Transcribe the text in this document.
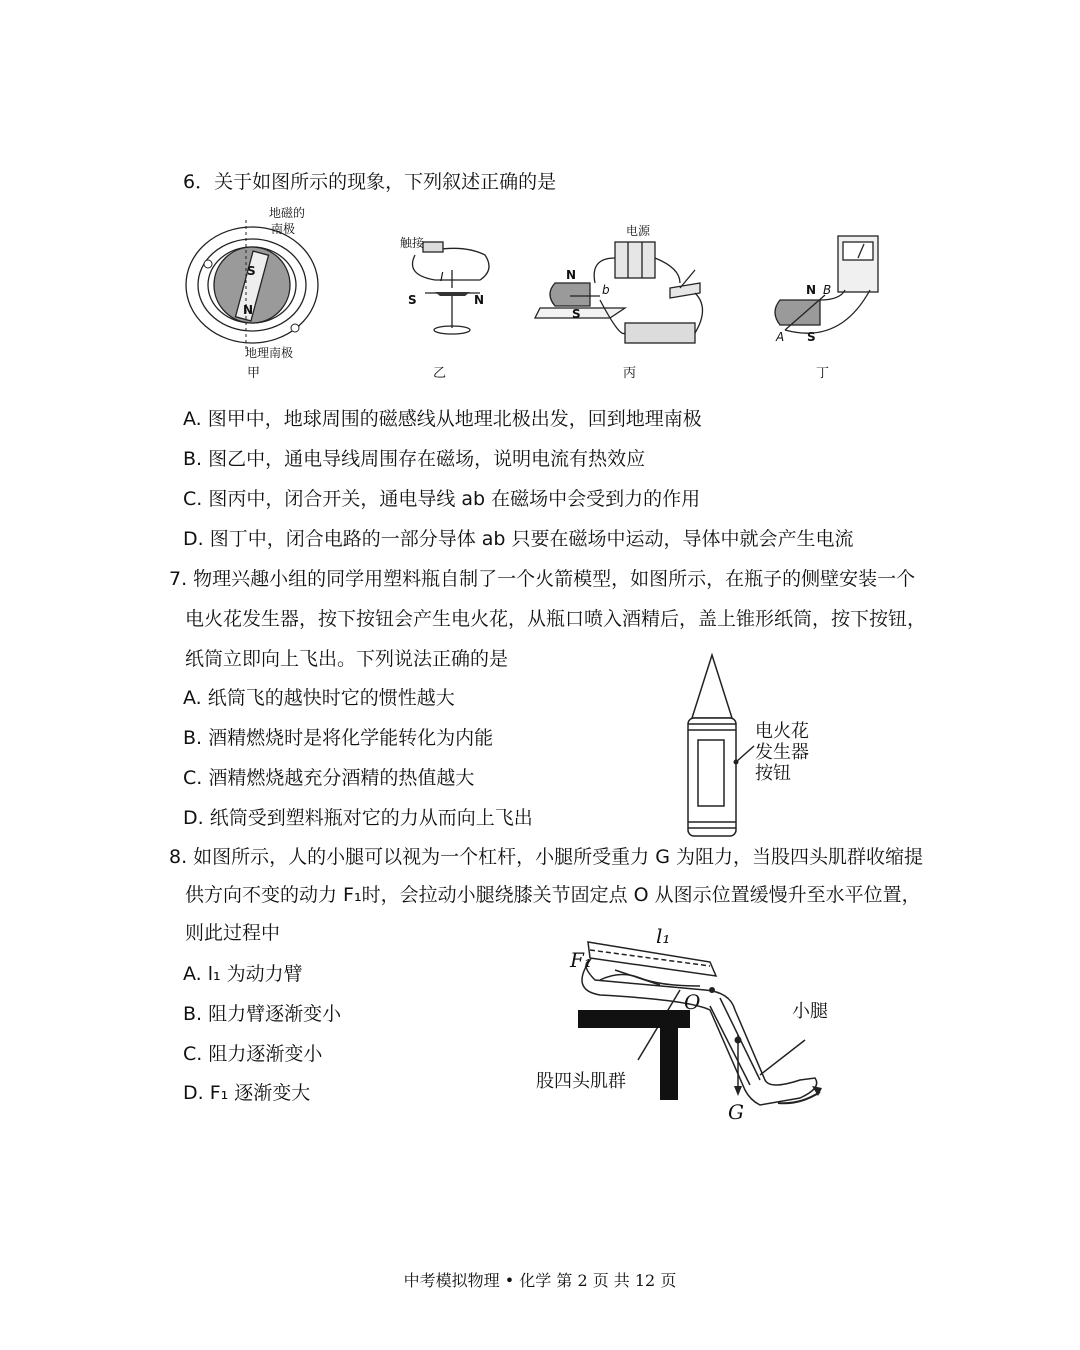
6．关于如图所示的现象，下列叙述正确的是
地磁的
南极
S
N
地理南极
甲
触接
I
S	N
乙
电源
N
b
S
丙
N B
A S
丁
A. 图甲中，地球周围的磁感线从地理北极出发，回到地理南极
B. 图乙中，通电导线周围存在磁场，说明电流有热效应
C. 图丙中，闭合开关，通电导线 ab 在磁场中会受到力的作用
D. 图丁中，闭合电路的一部分导体 ab 只要在磁场中运动，导体中就会产生电流
7. 物理兴趣小组的同学用塑料瓶自制了一个火箭模型，如图所示，在瓶子的侧壁安装一个
电火花发生器，按下按钮会产生电火花，从瓶口喷入酒精后，盖上锥形纸筒，按下按钮，
纸筒立即向上飞出。下列说法正确的是
A. 纸筒飞的越快时它的惯性越大
B. 酒精燃烧时是将化学能转化为内能
C. 酒精燃烧越充分酒精的热值越大
D. 纸筒受到塑料瓶对它的力从而向上飞出
电火花
发生器
按钮
8. 如图所示，人的小腿可以视为一个杠杆，小腿所受重力 G 为阻力，当股四头肌群收缩提
供方向不变的动力 F₁时，会拉动小腿绕膝关节固定点 O 从图示位置缓慢升至水平位置，
则此过程中
A. l₁ 为动力臂
B. 阻力臂逐渐变小
C. 阻力逐渐变小
D. F₁ 逐渐变大
l₁
F₁
O	小腿
股四头肌群
G
中考模拟物理 • 化学 第 2 页 共 12 页
